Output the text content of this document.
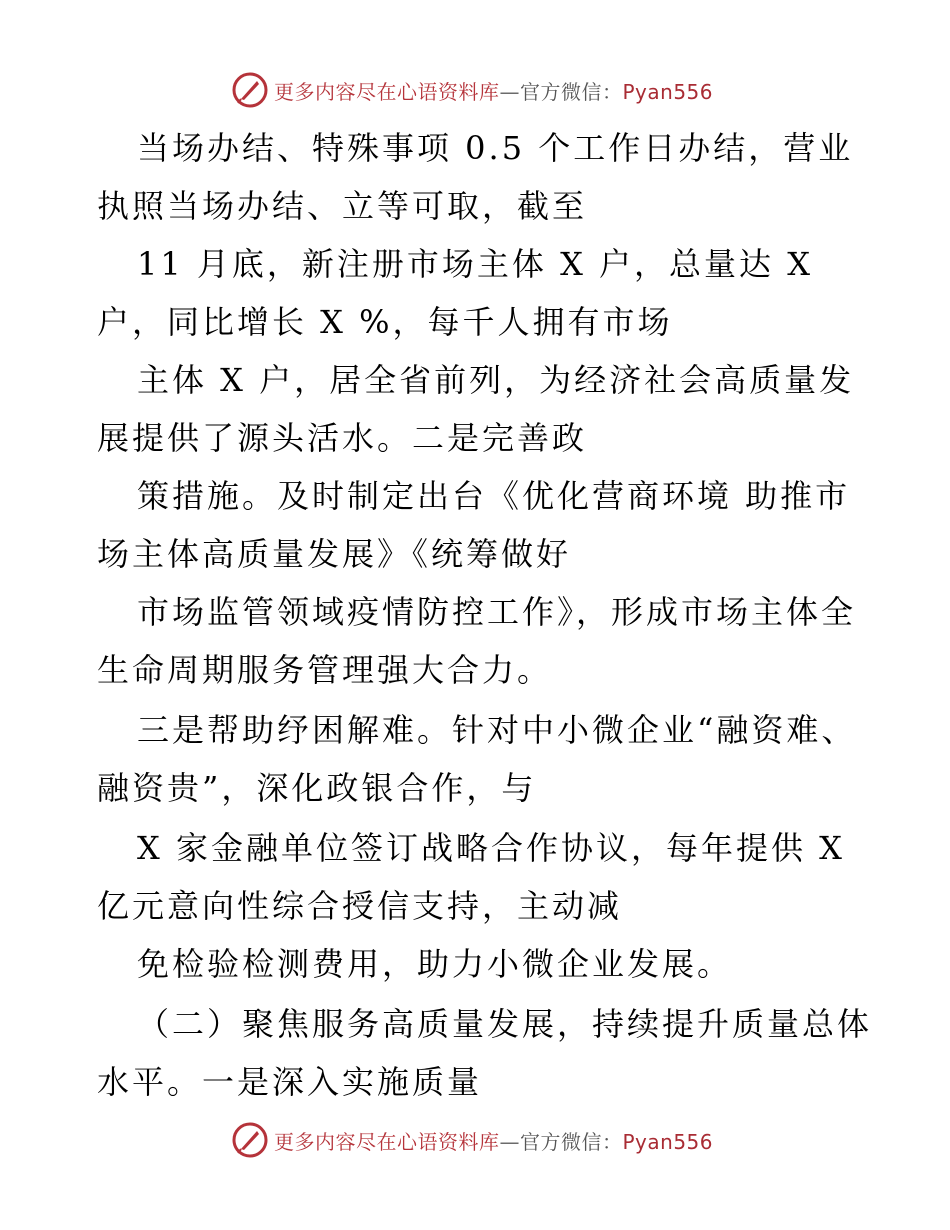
更多内容尽在心语资料库—官方微信：Pyan556
当场办结、特殊事项 0.5 个工作日办结，营业
执照当场办结、立等可取，截至
11 月底，新注册市场主体 X 户，总量达 X
户，同比增长 X %，每千人拥有市场
主体 X 户，居全省前列，为经济社会高质量发
展提供了源头活水。二是完善政
策措施。及时制定出台《优化营商环境 助推市
场主体高质量发展》《统筹做好
市场监管领域疫情防控工作》，形成市场主体全
生命周期服务管理强大合力。
三是帮助纾困解难。针对中小微企业“融资难、
融资贵”，深化政银合作，与
X 家金融单位签订战略合作协议，每年提供 X
亿元意向性综合授信支持，主动减
免检验检测费用，助力小微企业发展。
（二）聚焦服务高质量发展，持续提升质量总体
水平。一是深入实施质量
更多内容尽在心语资料库—官方微信：Pyan556
